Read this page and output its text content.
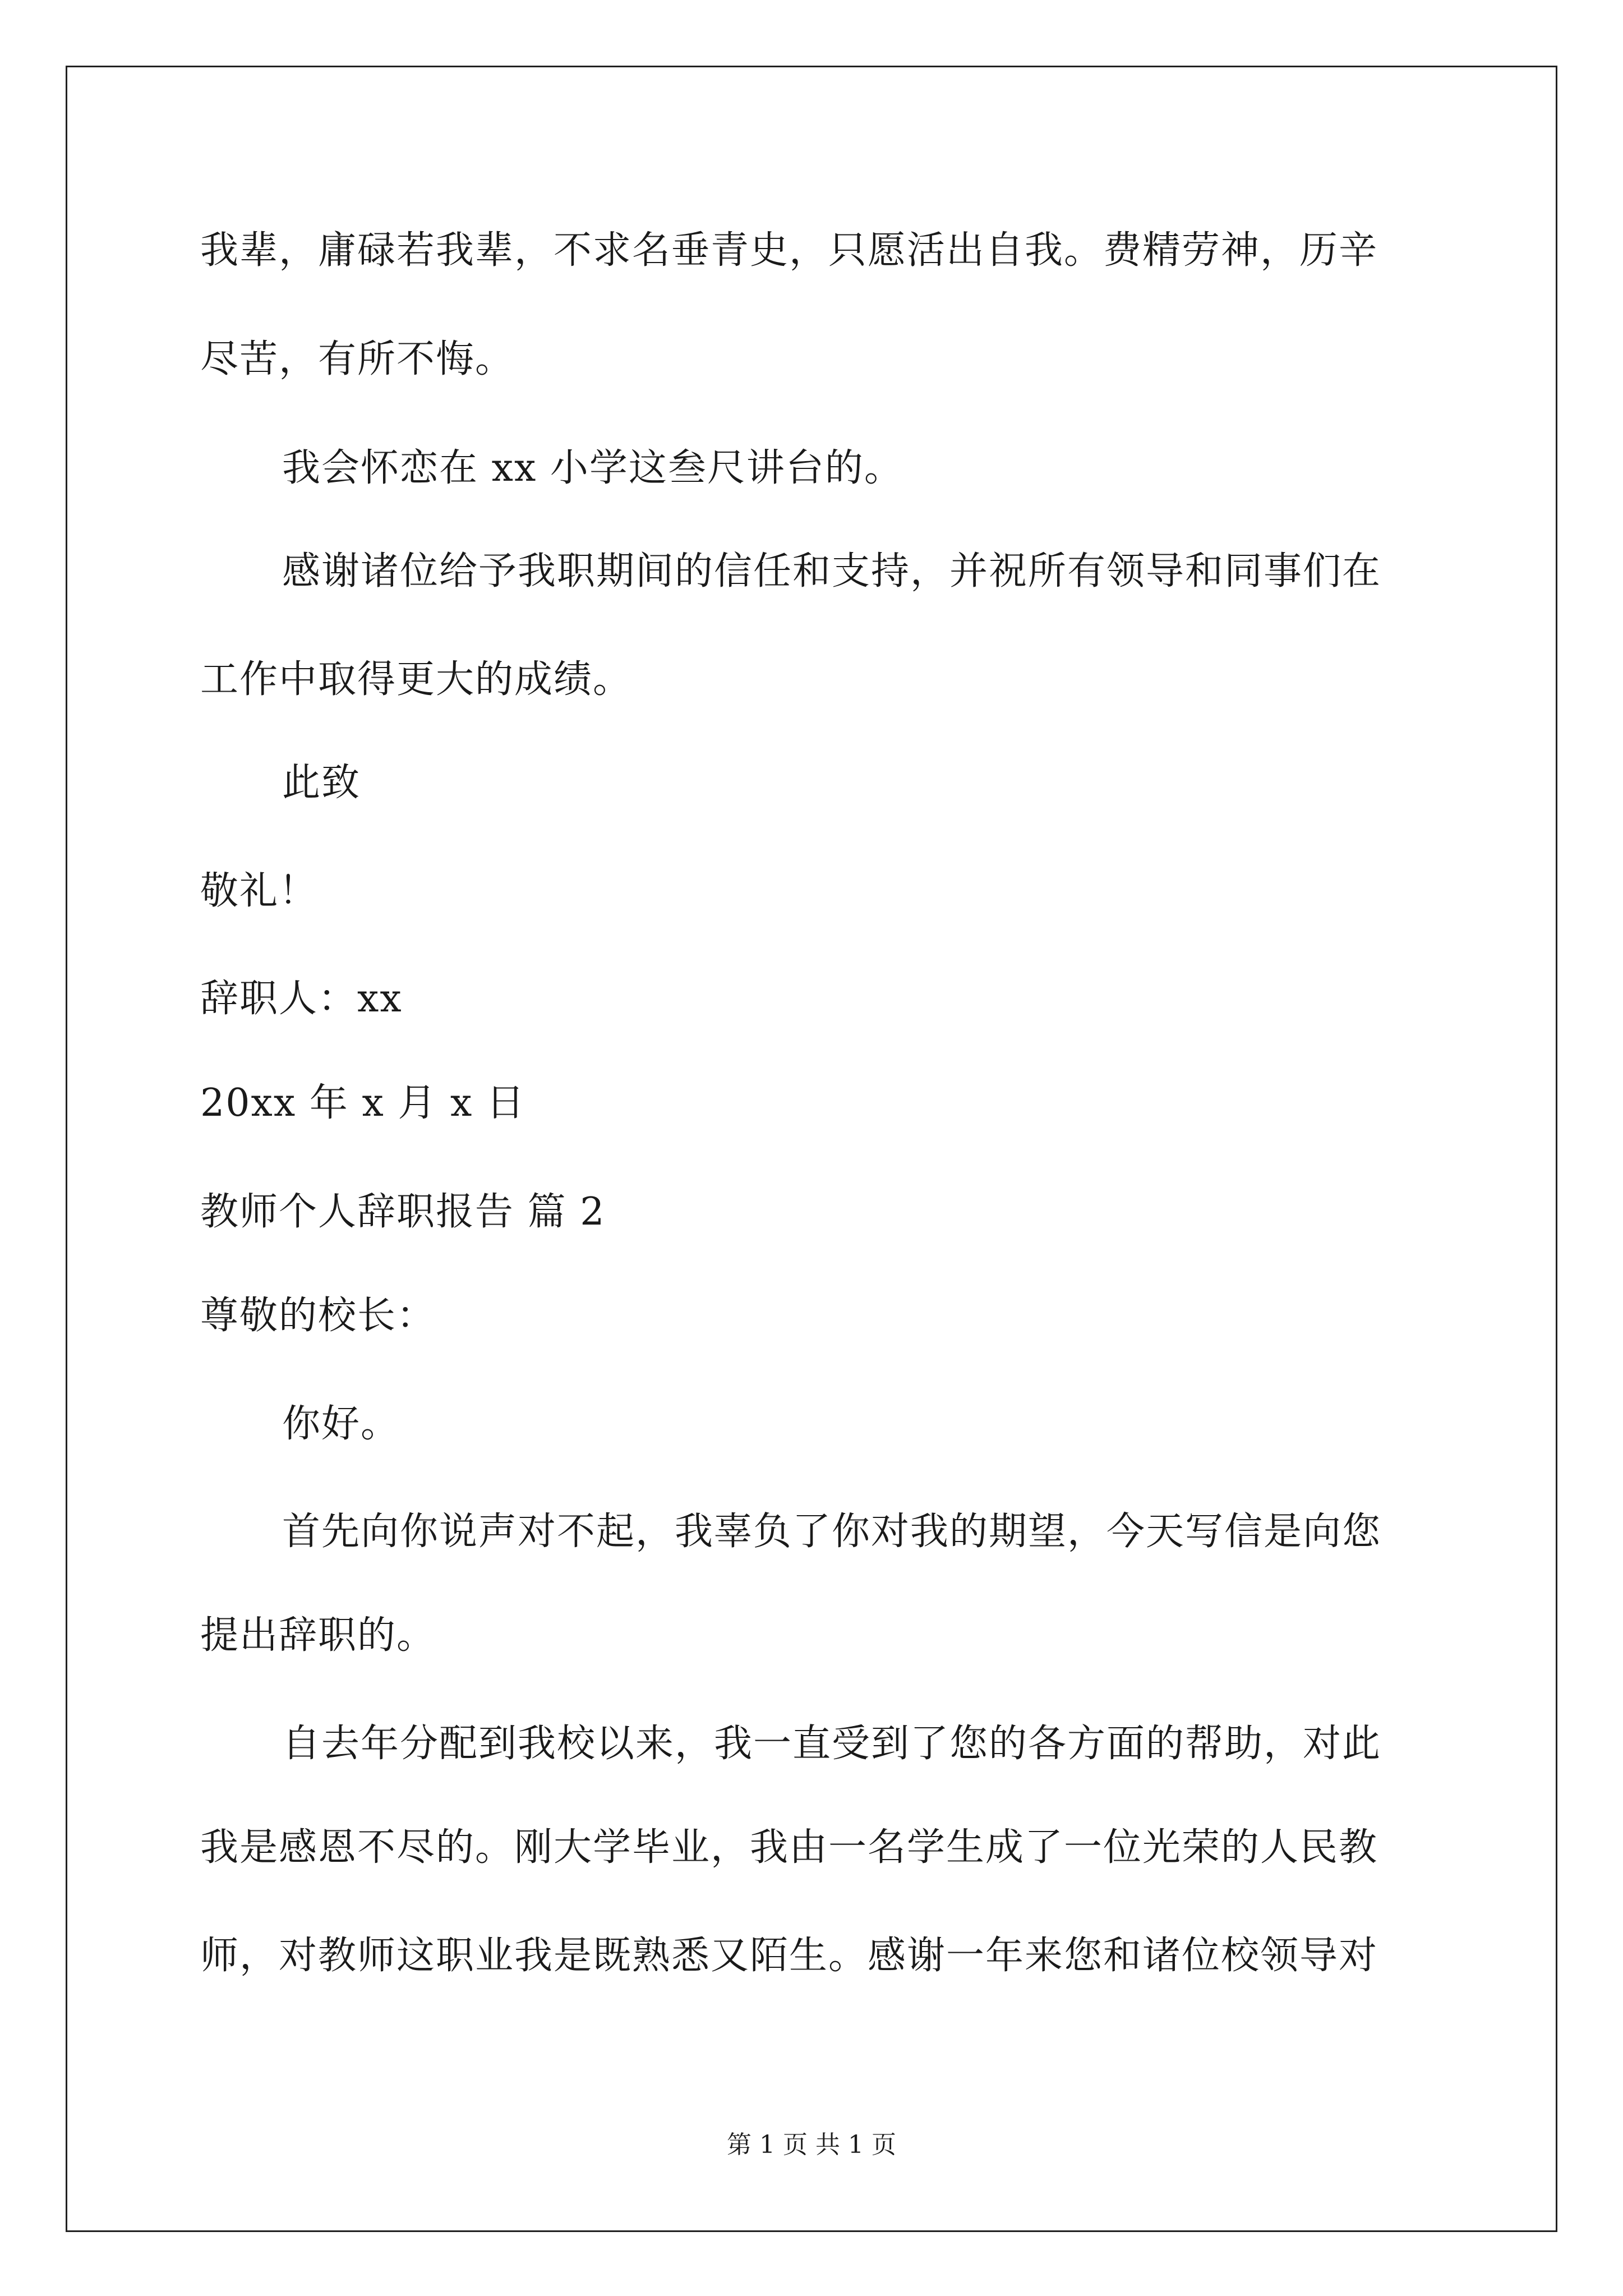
我辈，庸碌若我辈，不求名垂青史，只愿活出自我。费精劳神，历辛
尽苦，有所不悔。
我会怀恋在 xx 小学这叁尺讲台的。
感谢诸位给予我职期间的信任和支持，并祝所有领导和同事们在
工作中取得更大的成绩。
此致
敬礼！
辞职人：xx
20xx 年 x 月 x 日
教师个人辞职报告 篇 2
尊敬的校长：
你好。
首先向你说声对不起，我辜负了你对我的期望，今天写信是向您
提出辞职的。
自去年分配到我校以来，我一直受到了您的各方面的帮助，对此
我是感恩不尽的。刚大学毕业，我由一名学生成了一位光荣的人民教
师，对教师这职业我是既熟悉又陌生。感谢一年来您和诸位校领导对
第 1 页 共 1 页
